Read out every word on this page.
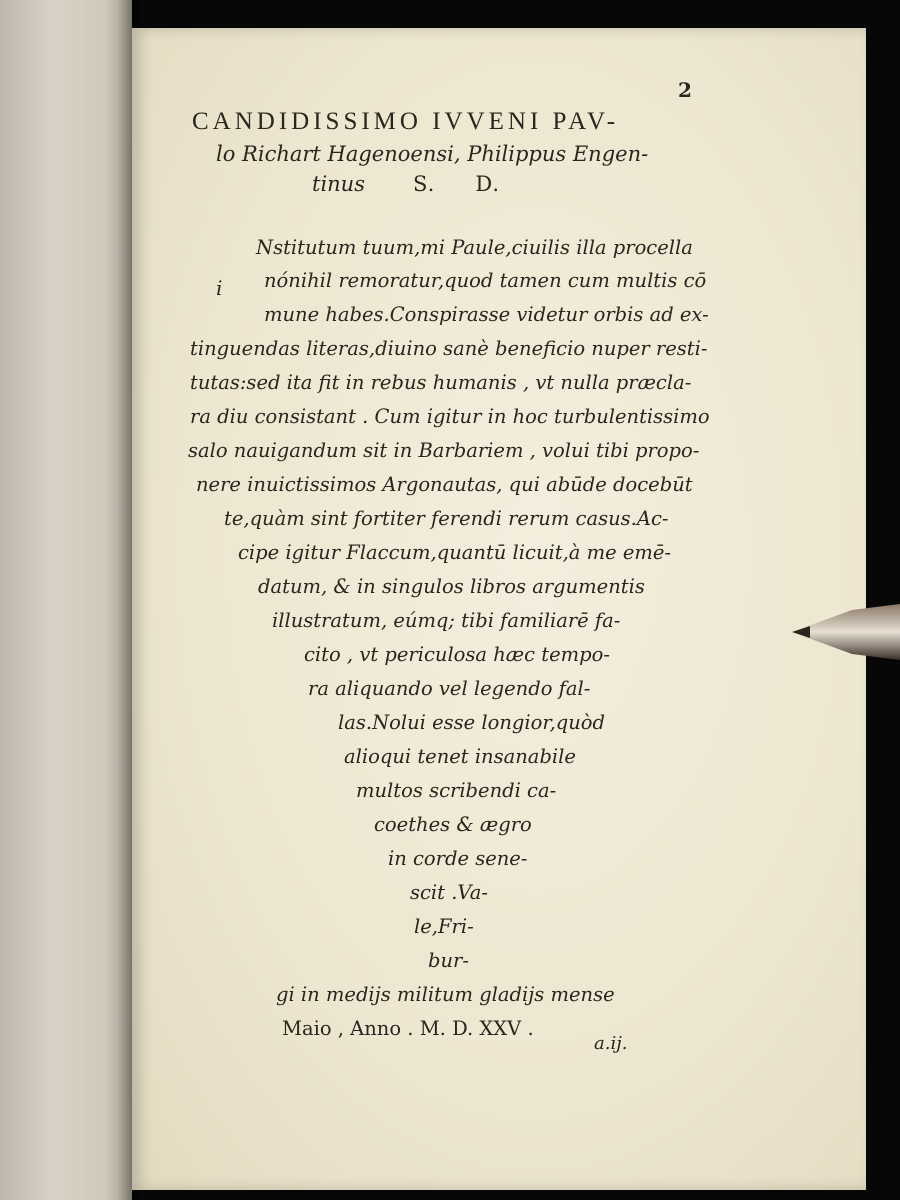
2
CANDIDISSIMO IVVENI PAV-
lo Richart Hagenoensi, Philippus Engen-
tinus S. D.
i
Nstitutum tuum,mi Paule,ciuilis illa procella
nónihil remoratur,quod tamen cum multis cō
mune habes.Conspirasse videtur orbis ad ex-
tinguendas literas,diuino sanè beneficio nuper resti-
tutas:sed ita fit in rebus humanis , vt nulla præcla-
ra diu consistant . Cum igitur in hoc turbulentissimo
salo nauigandum sit in Barbariem , volui tibi propo-
nere inuictissimos Argonautas, qui abūde docebūt
te,quàm sint fortiter ferendi rerum casus.Ac-
cipe igitur Flaccum,quantū licuit,à me emē-
datum, & in singulos libros argumentis
illustratum, eúmq; tibi familiarē fa-
cito , vt periculosa hæc tempo-
ra aliquando vel legendo fal-
las.Nolui esse longior,quòd
alioqui tenet insanabile
multos scribendi ca-
coethes & ægro
in corde sene-
scit .Va-
le,Fri-
bur-
gi in medijs militum gladijs mense
Maio , Anno . M. D. XXV .
a.ij.
